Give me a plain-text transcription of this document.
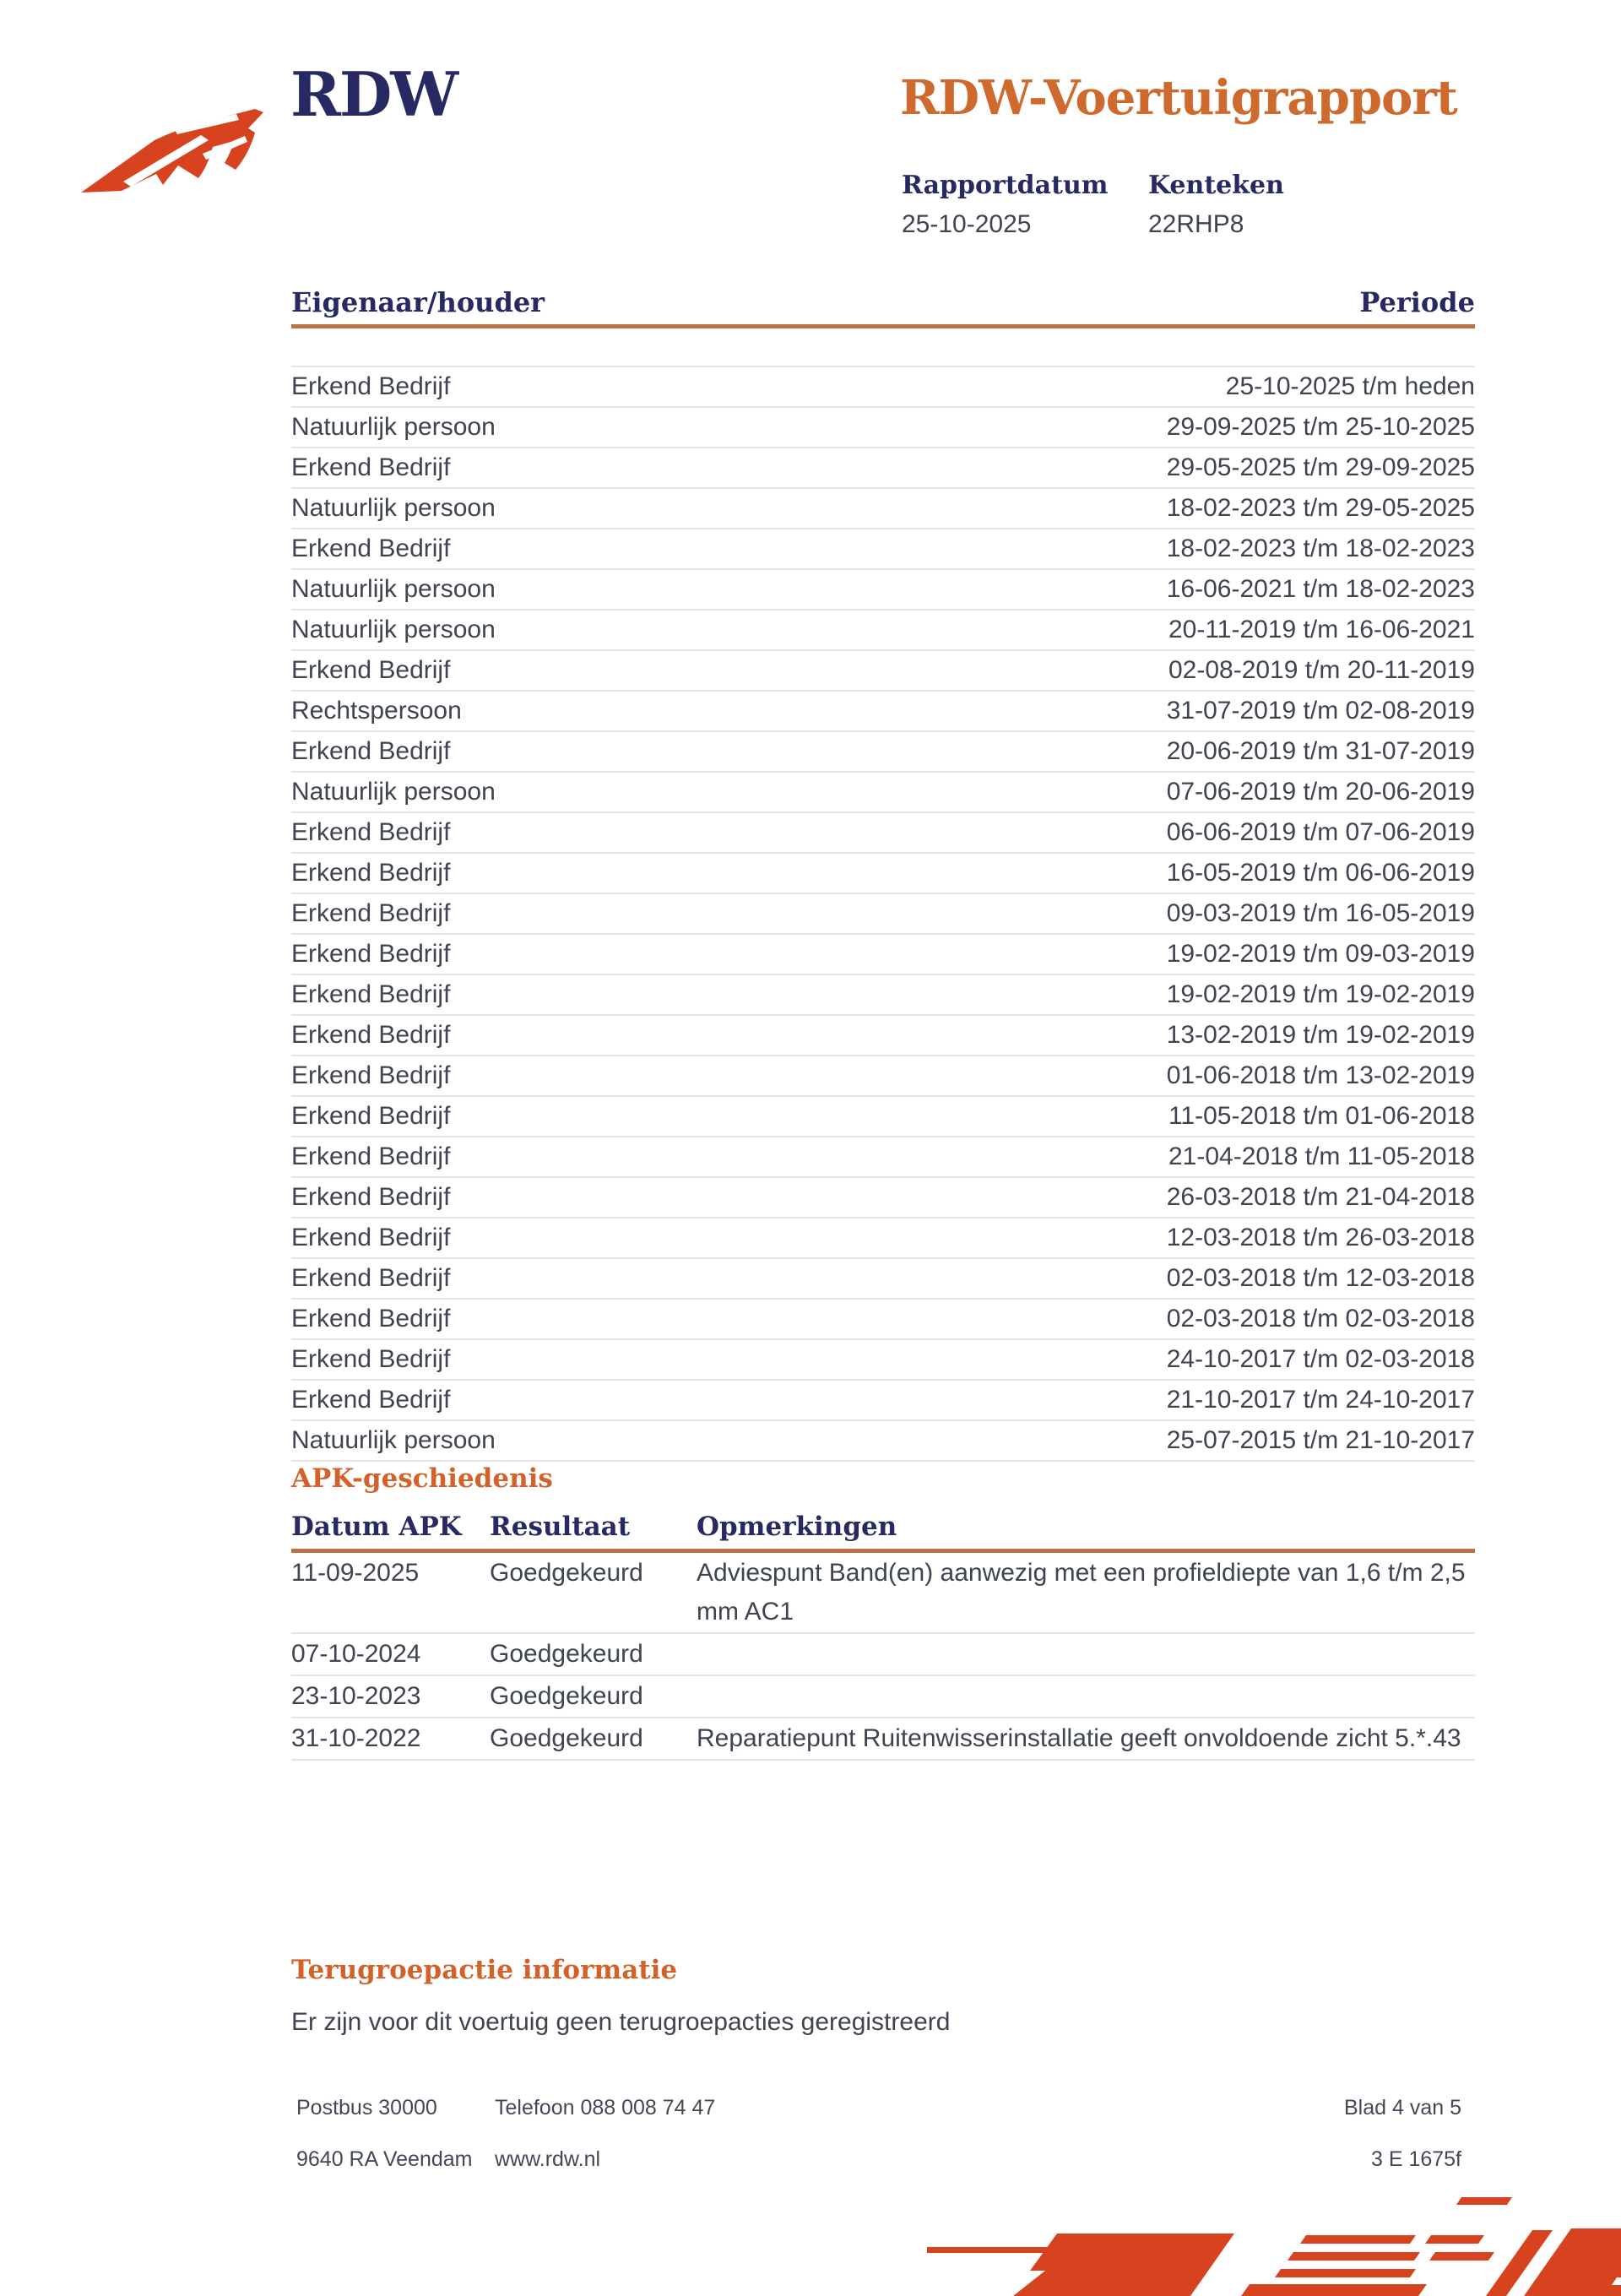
RDW	RDW-Voertuigrapport
Rapportdatum
25-10-2025
Kenteken
22RHP8
Eigenaar/houder	Periode
Erkend Bedrijf	25-10-2025 t/m heden
Natuurlijk persoon	29-09-2025 t/m 25-10-2025
Erkend Bedrijf	29-05-2025 t/m 29-09-2025
Natuurlijk persoon	18-02-2023 t/m 29-05-2025
Erkend Bedrijf	18-02-2023 t/m 18-02-2023
Natuurlijk persoon	16-06-2021 t/m 18-02-2023
Natuurlijk persoon	20-11-2019 t/m 16-06-2021
Erkend Bedrijf	02-08-2019 t/m 20-11-2019
Rechtspersoon	31-07-2019 t/m 02-08-2019
Erkend Bedrijf	20-06-2019 t/m 31-07-2019
Natuurlijk persoon	07-06-2019 t/m 20-06-2019
Erkend Bedrijf	06-06-2019 t/m 07-06-2019
Erkend Bedrijf	16-05-2019 t/m 06-06-2019
Erkend Bedrijf	09-03-2019 t/m 16-05-2019
Erkend Bedrijf	19-02-2019 t/m 09-03-2019
Erkend Bedrijf	19-02-2019 t/m 19-02-2019
Erkend Bedrijf	13-02-2019 t/m 19-02-2019
Erkend Bedrijf	01-06-2018 t/m 13-02-2019
Erkend Bedrijf	11-05-2018 t/m 01-06-2018
Erkend Bedrijf	21-04-2018 t/m 11-05-2018
Erkend Bedrijf	26-03-2018 t/m 21-04-2018
Erkend Bedrijf	12-03-2018 t/m 26-03-2018
Erkend Bedrijf	02-03-2018 t/m 12-03-2018
Erkend Bedrijf	02-03-2018 t/m 02-03-2018
Erkend Bedrijf	24-10-2017 t/m 02-03-2018
Erkend Bedrijf	21-10-2017 t/m 24-10-2017
Natuurlijk persoon	25-07-2015 t/m 21-10-2017
APK-geschiedenis
Datum APK	Resultaat	Opmerkingen
11-09-2025	Goedgekeurd	Adviespunt Band(en) aanwezig met een profieldiepte van 1,6 t/m 2,5 mm AC1
07-10-2024	Goedgekeurd
23-10-2023	Goedgekeurd
31-10-2022	Goedgekeurd	Reparatiepunt Ruitenwisserinstallatie geeft onvoldoende zicht 5.*.43
Terugroepactie informatie
Er zijn voor dit voertuig geen terugroepacties geregistreerd
Postbus 30000	Telefoon 088 008 74 47	Blad 4 van 5
9640 RA Veendam	www.rdw.nl	3 E 1675f
